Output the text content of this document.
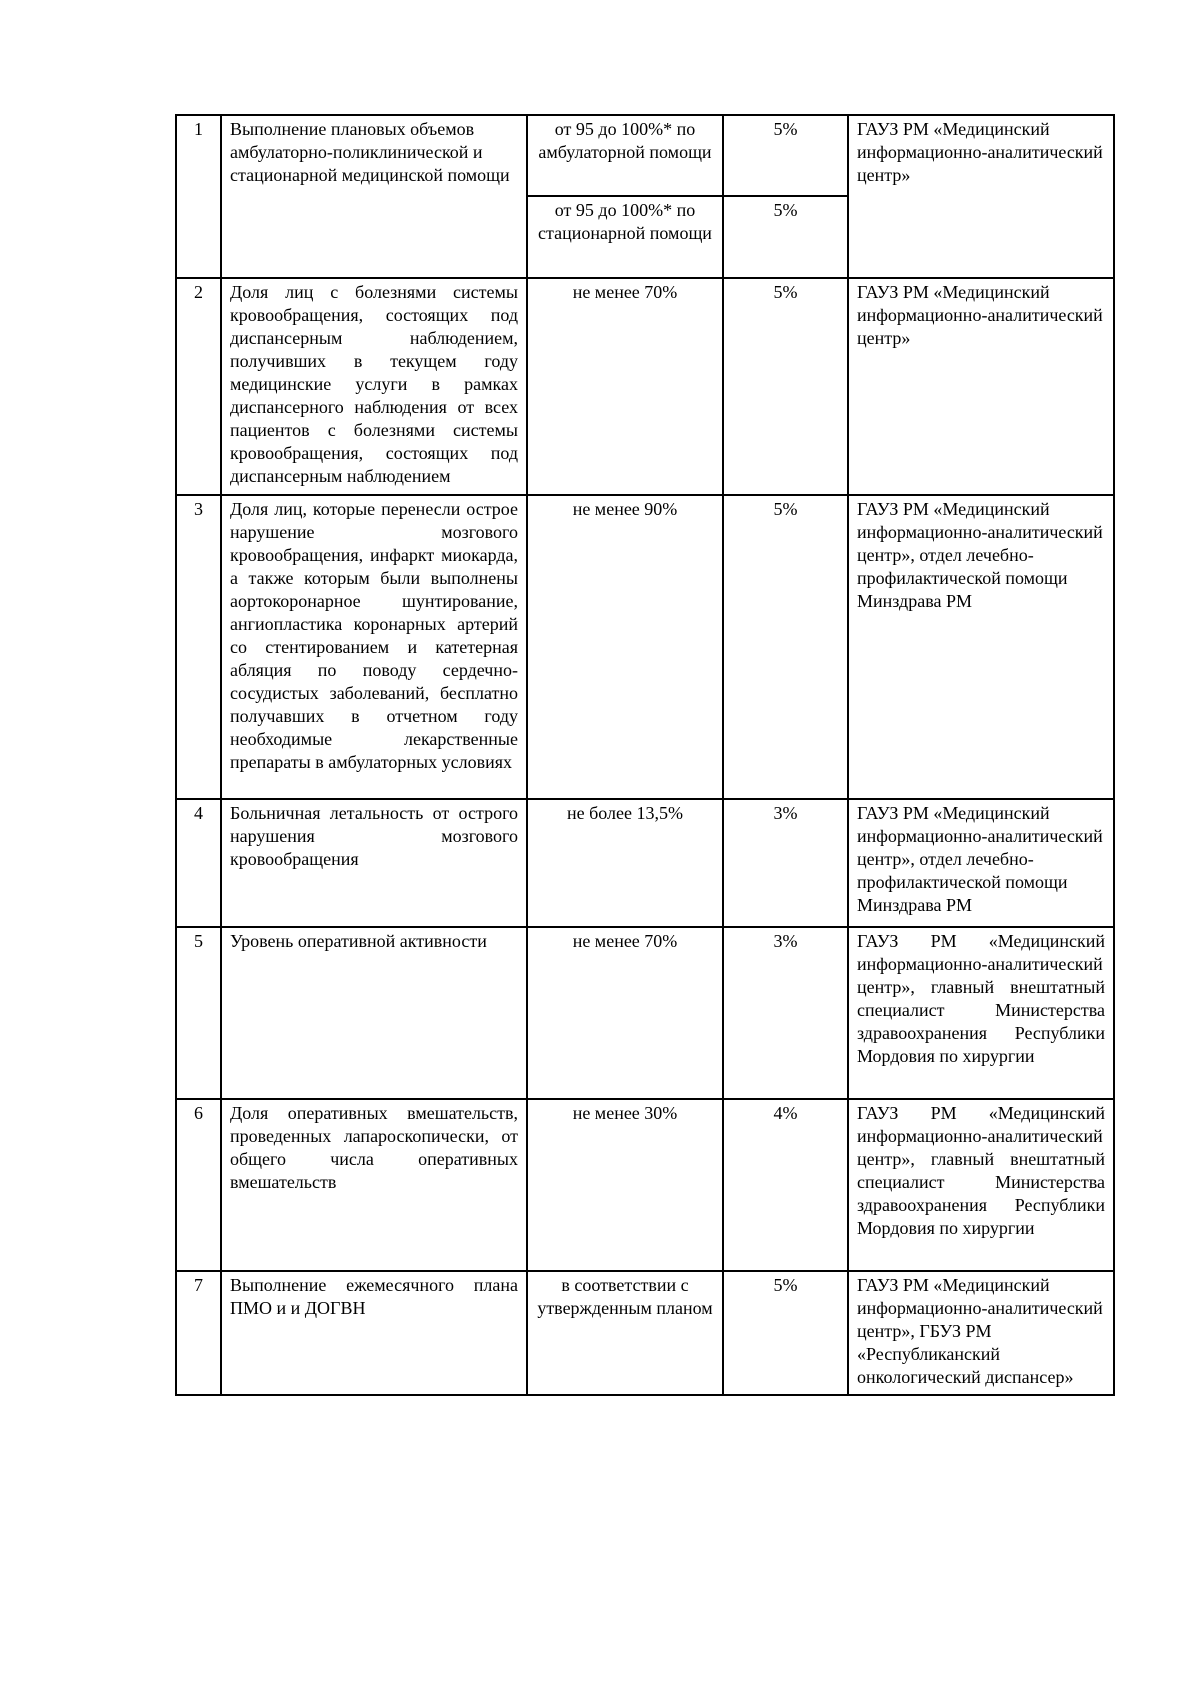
1	Выполнение плановых объемов амбулаторно-поликлинической и стационарной медицинской помощи	от 95 до 100%* по амбулаторной помощи	5%	ГАУЗ РМ «Медицинский информационно-аналитический центр»
		от 95 до 100%* по стационарной помощи	5%	
2	Доля лиц с болезнями системы кровообращения, состоящих под диспансерным наблюдением, получивших в текущем году медицинские услуги в рамках диспансерного наблюдения от всех пациентов с болезнями системы кровообращения, состоящих под диспансерным наблюдением	не менее 70%	5%	ГАУЗ РМ «Медицинский информационно-аналитический центр»
3	Доля лиц, которые перенесли острое нарушение мозгового кровообращения, инфаркт миокарда, а также которым были выполнены аортокоронарное шунтирование, ангиопластика коронарных артерий со стентированием и катетерная абляция по поводу сердечно-сосудистых заболеваний, бесплатно получавших в отчетном году необходимые лекарственные препараты в амбулаторных условиях	не менее 90%	5%	ГАУЗ РМ «Медицинский информационно-аналитический центр», отдел лечебно-профилактической помощи Минздрава РМ
4	Больничная летальность от острого нарушения мозгового кровообращения	не более 13,5%	3%	ГАУЗ РМ «Медицинский информационно-аналитический центр», отдел лечебно-профилактической помощи Минздрава РМ
5	Уровень оперативной активности	не менее 70%	3%	ГАУЗ РМ «Медицинский информационно-аналитический центр», главный внештатный специалист Министерства здравоохранения Республики Мордовия по хирургии
6	Доля оперативных вмешательств, проведенных лапароскопически, от общего числа оперативных вмешательств	не менее 30%	4%	ГАУЗ РМ «Медицинский информационно-аналитический центр», главный внештатный специалист Министерства здравоохранения Республики Мордовия по хирургии
7	Выполнение ежемесячного плана ПМО и и ДОГВН	в соответствии с утвержденным планом	5%	ГАУЗ РМ «Медицинский информационно-аналитический центр», ГБУЗ РМ «Республиканский онкологический диспансер»
